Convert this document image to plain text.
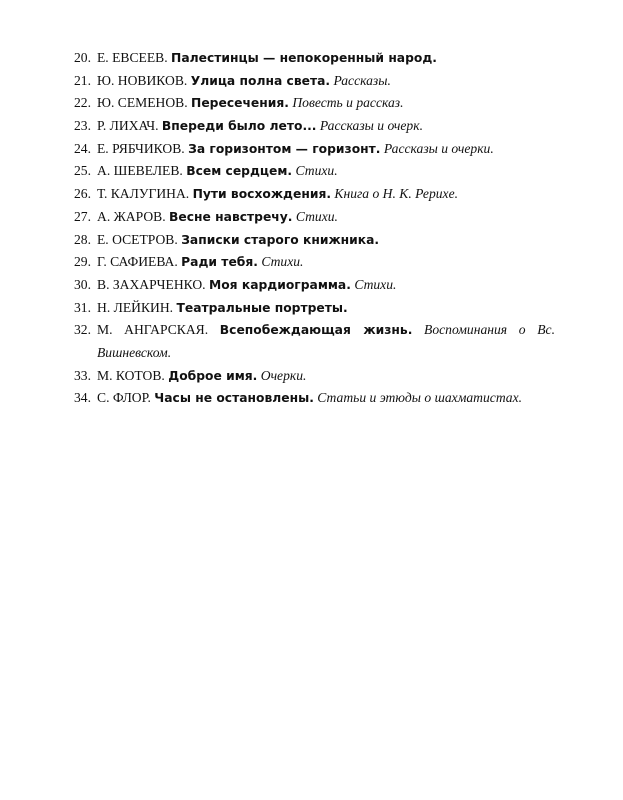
20. Е. ЕВСЕЕВ. Палестинцы — непокоренный народ.
21. Ю. НОВИКОВ. Улица полна света. Рассказы.
22. Ю. СЕМЕНОВ. Пересечения. Повесть и рассказ.
23. Р. ЛИХАЧ. Впереди было лето... Рассказы и очерк.
24. Е. РЯБЧИКОВ. За горизонтом — горизонт. Рассказы и очерки.
25. А. ШЕВЕЛЕВ. Всем сердцем. Стихи.
26. Т. КАЛУГИНА. Пути восхождения. Книга о Н. К. Рерихе.
27. А. ЖАРОВ. Весне навстречу. Стихи.
28. Е. ОСЕТРОВ. Записки старого книжника.
29. Г. САФИЕВА. Ради тебя. Стихи.
30. В. ЗАХАРЧЕНКО. Моя кардиограмма. Стихи.
31. Н. ЛЕЙКИН. Театральные портреты.
32. М. АНГАРСКАЯ. Всепобеждающая жизнь. Воспоминания о Вс. Вишневском.
33. М. КОТОВ. Доброе имя. Очерки.
34. С. ФЛОР. Часы не остановлены. Статьи и этюды о шахматистах.
